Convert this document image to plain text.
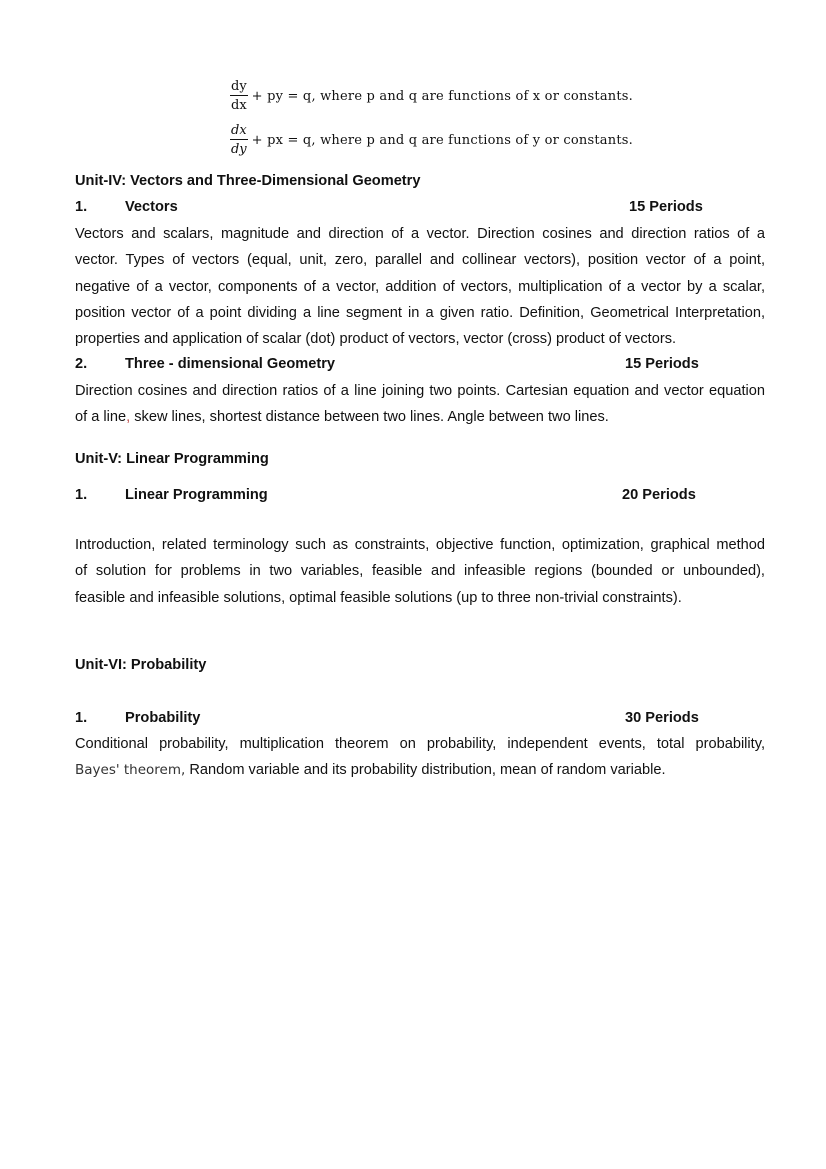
$\frac{dy}{dx}$ + py = q, where p and q are functions of x or constants.
$\frac{dx}{dy}$ + px = q, where p and q are functions of y or constants.
Unit-IV: Vectors and Three-Dimensional Geometry
1.	Vectors	15 Periods
Vectors and scalars, magnitude and direction of a vector. Direction cosines and direction ratios of a
vector. Types of vectors (equal, unit, zero, parallel and collinear vectors), position vector of a point,
negative of a vector, components of a vector, addition of vectors, multiplication of a vector by a scalar,
position vector of a point dividing a line segment in a given ratio. Definition, Geometrical Interpretation,
properties and application of scalar (dot) product of vectors, vector (cross) product of vectors.
2.	Three - dimensional Geometry	15 Periods
Direction cosines and direction ratios of a line joining two points. Cartesian equation and vector equation
of a line, skew lines, shortest distance between two lines. Angle between two lines.
Unit-V: Linear Programming
1.	Linear Programming	20 Periods
Introduction, related terminology such as constraints, objective function, optimization, graphical method
of solution for problems in two variables, feasible and infeasible regions (bounded or unbounded),
feasible and infeasible solutions, optimal feasible solutions (up to three non-trivial constraints).
Unit-VI: Probability
1.	Probability	30 Periods
Conditional probability, multiplication theorem on probability, independent events, total probability,
Bayes' theorem, Random variable and its probability distribution, mean of random variable.
